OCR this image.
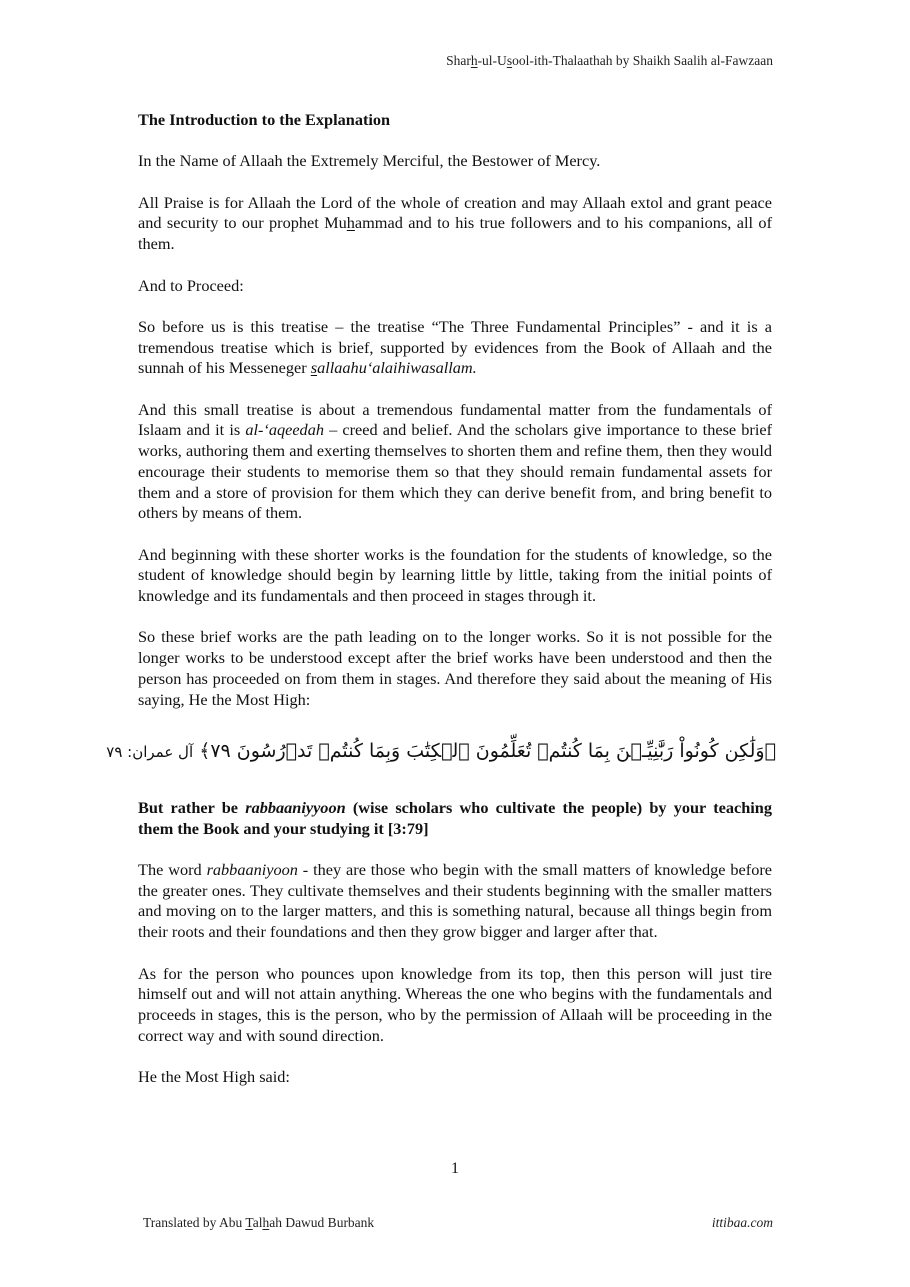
Sharh-ul-Usool-ith-Thalaathah by Shaikh Saalih al-Fawzaan

The Introduction to the Explanation

In the Name of Allaah the Extremely Merciful, the Bestower of Mercy.

All Praise is for Allaah the Lord of the whole of creation and may Allaah extol and grant peace and security to our prophet Muhammad and to his true followers and to his companions, all of them.

And to Proceed:

So before us is this treatise – the treatise “The Three Fundamental Principles” - and it is a tremendous treatise which is brief, supported by evidences from the Book of Allaah and the sunnah of his Messeneger sallaahu‘alaihiwasallam.

And this small treatise is about a tremendous fundamental matter from the fundamentals of Islaam and it is al-‘aqeedah – creed and belief. And the scholars give importance to these brief works, authoring them and exerting themselves to shorten them and refine them, then they would encourage their students to memorise them so that they should remain fundamental assets for them and a store of provision for them which they can derive benefit from, and bring benefit to others by means of them.

And beginning with these shorter works is the foundation for the students of knowledge, so the student of knowledge should begin by learning little by little, taking from the initial points of knowledge and its fundamentals and then proceed in stages through it.

So these brief works are the path leading on to the longer works. So it is not possible for the longer works to be understood except after the brief works have been understood and then the person has proceeded on from them in stages. And therefore they said about the meaning of His saying, He the Most High:

﴿وَلَٰكِن كُونُواْ رَبَّٰنِيِّـۧنَ بِمَا كُنتُمۡ تُعَلِّمُونَ ٱلۡكِتَٰبَ وَبِمَا كُنتُمۡ تَدۡرُسُونَ ٧٩﴾ آل عمران: ٧٩

But rather be rabbaaniyyoon (wise scholars who cultivate the people) by your teaching them the Book and your studying it [3:79]

The word rabbaaniyoon - they are those who begin with the small matters of knowledge before the greater ones. They cultivate themselves and their students beginning with the smaller matters and moving on to the larger matters, and this is something natural, because all things begin from their roots and their foundations and then they grow bigger and larger after that.

As for the person who pounces upon knowledge from its top, then this person will just tire himself out and will not attain anything. Whereas the one who begins with the fundamentals and proceeds in stages, this is the person, who by the permission of Allaah will be proceeding in the correct way and with sound direction.

He the Most High said:

1
Translated by Abu Talhah Dawud Burbank	ittibaa.com
